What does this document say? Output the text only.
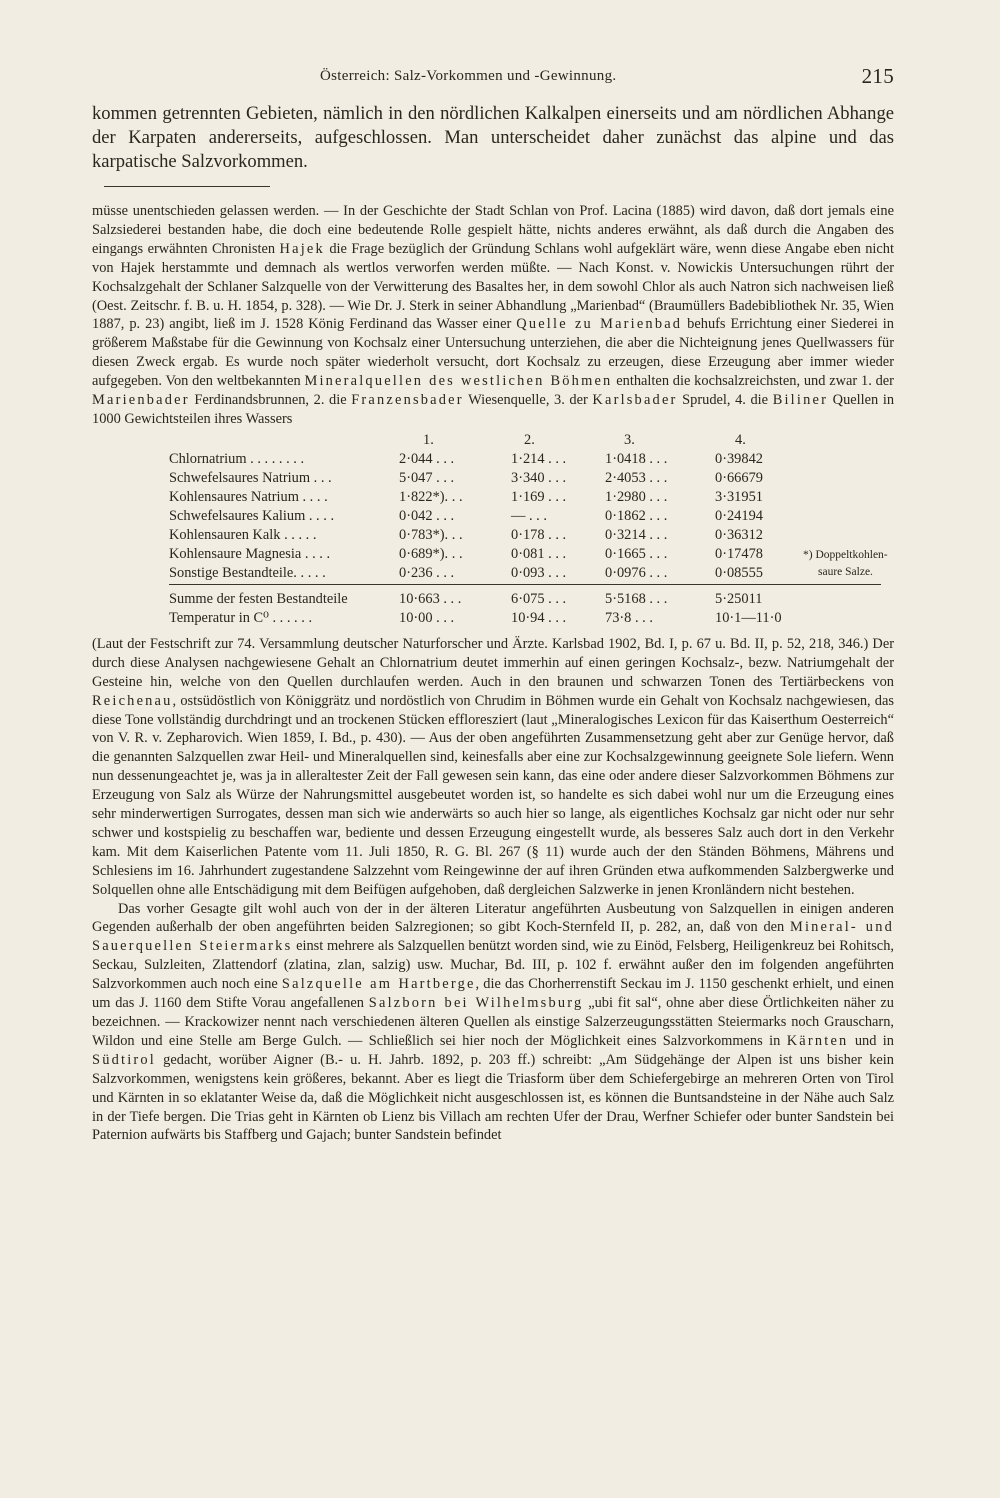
Österreich: Salz-Vorkommen und -Gewinnung.	215

kommen getrennten Gebieten, nämlich in den nördlichen Kalkalpen einerseits und am nördlichen Abhange der Karpaten andererseits, aufgeschlossen. Man unterscheidet daher zunächst das alpine und das karpatische Salzvorkommen.

müsse unentschieden gelassen werden. — In der Geschichte der Stadt Schlan von Prof. Lacina (1885) wird davon, daß dort jemals eine Salzsiederei bestanden habe, die doch eine bedeutende Rolle gespielt hätte, nichts anderes erwähnt, als daß durch die Angaben des eingangs erwähnten Chronisten Hajek die Frage bezüglich der Gründung Schlans wohl aufgeklärt wäre, wenn diese Angabe eben nicht von Hajek herstammte und demnach als wertlos verworfen werden müßte. — Nach Konst. v. Nowickis Untersuchungen rührt der Kochsalzgehalt der Schlaner Salzquelle von der Verwitterung des Basaltes her, in dem sowohl Chlor als auch Natron sich nachweisen ließ (Oest. Zeitschr. f. B. u. H. 1854, p. 328). — Wie Dr. J. Sterk in seiner Abhandlung „Marienbad“ (Braumüllers Badebibliothek Nr. 35, Wien 1887, p. 23) angibt, ließ im J. 1528 König Ferdinand das Wasser einer Quelle zu Marienbad behufs Errichtung einer Siederei in größerem Maßstabe für die Gewinnung von Kochsalz einer Untersuchung unterziehen, die aber die Nichteignung jenes Quellwassers für diesen Zweck ergab. Es wurde noch später wiederholt versucht, dort Kochsalz zu erzeugen, diese Erzeugung aber immer wieder aufgegeben. Von den weltbekannten Mineralquellen des westlichen Böhmen enthalten die kochsalzreichsten, und zwar 1. der Marienbader Ferdinandsbrunnen, 2. die Franzensbader Wiesenquelle, 3. der Karlsbader Sprudel, 4. die Biliner Quellen in 1000 Gewichtsteilen ihres Wassers

1.	2.	3.	4.
Chlornatrium . . . . . . . .	2·044 . . .	1·214 . . .	1·0418 . . .	0·39842
Schwefelsaures Natrium . . .	5·047 . . .	3·340 . . .	2·4053 . . .	0·66679
Kohlensaures Natrium . . . .	1·822*). . .	1·169 . . .	1·2980 . . .	3·31951
Schwefelsaures Kalium . . . .	0·042 . . .	— . . .	0·1862 . . .	0·24194
Kohlensauren Kalk . . . . .	0·783*). . .	0·178 . . .	0·3214 . . .	0·36312
Kohlensaure Magnesia . . . .	0·689*). . .	0·081 . . .	0·1665 . . .	0·17478
Sonstige Bestandteile. . . . .	0·236 . . .	0·093 . . .	0·0976 . . .	0·08555
*) Doppeltkohlen-
saure Salze.
Summe der festen Bestandteile	10·663 . . .	6·075 . . .	5·5168 . . .	5·25011
Temperatur in C⁰ . . . . . .	10·00 . . .	10·94 . . .	73·8 . . .	10·1—11·0

(Laut der Festschrift zur 74. Versammlung deutscher Naturforscher und Ärzte. Karlsbad 1902, Bd. I, p. 67 u. Bd. II, p. 52, 218, 346.) Der durch diese Analysen nachgewiesene Gehalt an Chlornatrium deutet immerhin auf einen geringen Kochsalz-, bezw. Natriumgehalt der Gesteine hin, welche von den Quellen durchlaufen werden. Auch in den braunen und schwarzen Tonen des Tertiärbeckens von Reichenau, ostsüdöstlich von Königgrätz und nordöstlich von Chrudim in Böhmen wurde ein Gehalt von Kochsalz nachgewiesen, das diese Tone vollständig durchdringt und an trockenen Stücken effloresziert (laut „Mineralogisches Lexicon für das Kaiserthum Oesterreich“ von V. R. v. Zepharovich. Wien 1859, I. Bd., p. 430). — Aus der oben angeführten Zusammensetzung geht aber zur Genüge hervor, daß die genannten Salzquellen zwar Heil- und Mineralquellen sind, keinesfalls aber eine zur Kochsalzgewinnung geeignete Sole liefern. Wenn nun dessenungeachtet je, was ja in alleraltester Zeit der Fall gewesen sein kann, das eine oder andere dieser Salzvorkommen Böhmens zur Erzeugung von Salz als Würze der Nahrungsmittel ausgebeutet worden ist, so handelte es sich dabei wohl nur um die Erzeugung eines sehr minderwertigen Surrogates, dessen man sich wie anderwärts so auch hier so lange, als eigentliches Kochsalz gar nicht oder nur sehr schwer und kostspielig zu beschaffen war, bediente und dessen Erzeugung eingestellt wurde, als besseres Salz auch dort in den Verkehr kam. Mit dem Kaiserlichen Patente vom 11. Juli 1850, R. G. Bl. 267 (§ 11) wurde auch der den Ständen Böhmens, Mährens und Schlesiens im 16. Jahrhundert zugestandene Salzzehnt vom Reingewinne der auf ihren Gründen etwa aufkommenden Salzbergwerke und Solquellen ohne alle Entschädigung mit dem Beifügen aufgehoben, daß dergleichen Salzwerke in jenen Kronländern nicht bestehen.

Das vorher Gesagte gilt wohl auch von der in der älteren Literatur angeführten Ausbeutung von Salzquellen in einigen anderen Gegenden außerhalb der oben angeführten beiden Salzregionen; so gibt Koch-Sternfeld II, p. 282, an, daß von den Mineral- und Sauerquellen Steiermarks einst mehrere als Salzquellen benützt worden sind, wie zu Einöd, Felsberg, Heiligenkreuz bei Rohitsch, Seckau, Sulzleiten, Zlattendorf (zlatina, zlan, salzig) usw. Muchar, Bd. III, p. 102 f. erwähnt außer den im folgenden angeführten Salzvorkommen auch noch eine Salzquelle am Hartberge, die das Chorherrenstift Seckau im J. 1150 geschenkt erhielt, und einen um das J. 1160 dem Stifte Vorau angefallenen Salzborn bei Wilhelmsburg „ubi fit sal“, ohne aber diese Örtlichkeiten näher zu bezeichnen. — Krackowizer nennt nach verschiedenen älteren Quellen als einstige Salzerzeugungsstätten Steiermarks noch Grauscharn, Wildon und eine Stelle am Berge Gulch. — Schließlich sei hier noch der Möglichkeit eines Salzvorkommens in Kärnten und in Südtirol gedacht, worüber Aigner (B.- u. H. Jahrb. 1892, p. 203 ff.) schreibt: „Am Südgehänge der Alpen ist uns bisher kein Salzvorkommen, wenigstens kein größeres, bekannt. Aber es liegt die Triasform über dem Schiefergebirge an mehreren Orten von Tirol und Kärnten in so eklatanter Weise da, daß die Möglichkeit nicht ausgeschlossen ist, es können die Buntsandsteine in der Nähe auch Salz in der Tiefe bergen. Die Trias geht in Kärnten ob Lienz bis Villach am rechten Ufer der Drau, Werfner Schiefer oder bunter Sandstein bei Paternion aufwärts bis Staffberg und Gajach; bunter Sandstein befindet
